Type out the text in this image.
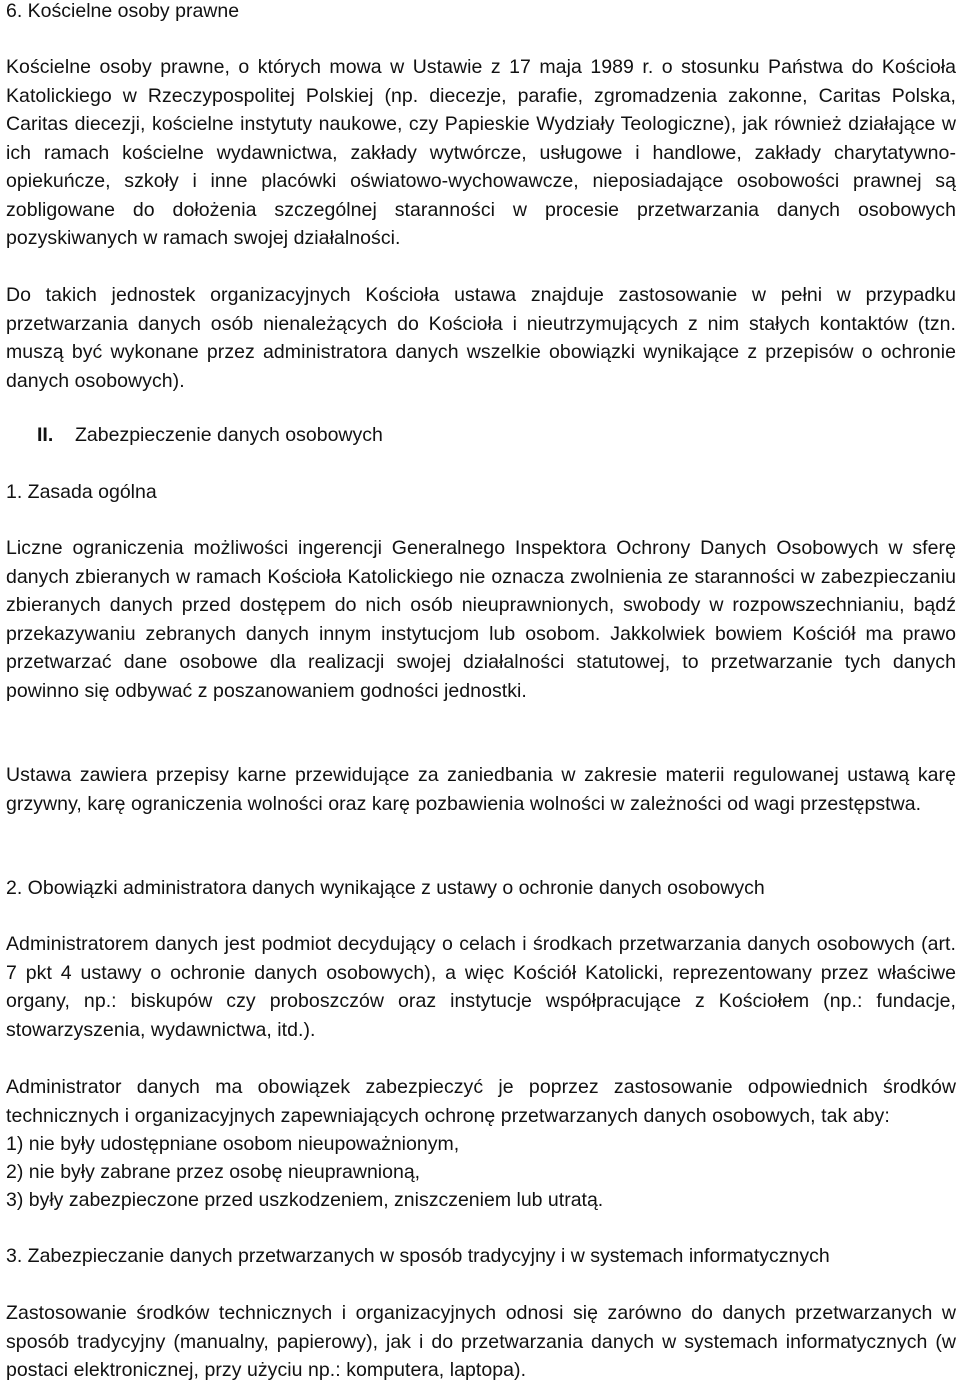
6. Kościelne osoby prawne

Kościelne osoby prawne, o których mowa w Ustawie z 17 maja 1989 r. o stosunku Państwa do Kościoła Katolickiego w Rzeczypospolitej Polskiej (np. diecezje, parafie, zgromadzenia zakonne, Caritas Polska, Caritas diecezji, kościelne instytuty naukowe, czy Papieskie Wydziały Teologiczne), jak również działające w ich ramach kościelne wydawnictwa, zakłady wytwórcze, usługowe i handlowe, zakłady charytatywno-opiekuńcze, szkoły i inne placówki oświatowo-wychowawcze, nieposiadające osobowości prawnej są zobligowane do dołożenia szczególnej staranności w procesie przetwarzania danych osobowych pozyskiwanych w ramach swojej działalności.

Do takich jednostek organizacyjnych Kościoła ustawa znajduje zastosowanie w pełni w przypadku przetwarzania danych osób nienależących do Kościoła i nieutrzymujących z nim stałych kontaktów (tzn. muszą być wykonane przez administratora danych wszelkie obowiązki wynikające z przepisów o ochronie danych osobowych).

II. Zabezpieczenie danych osobowych

1. Zasada ogólna

Liczne ograniczenia możliwości ingerencji Generalnego Inspektora Ochrony Danych Osobowych w sferę danych zbieranych w ramach Kościoła Katolickiego nie oznacza zwolnienia ze staranności w zabezpieczaniu zbieranych danych przed dostępem do nich osób nieuprawnionych, swobody w rozpowszechnianiu, bądź przekazywaniu zebranych danych innym instytucjom lub osobom. Jakkolwiek bowiem Kościół ma prawo przetwarzać dane osobowe dla realizacji swojej działalności statutowej, to przetwarzanie tych danych powinno się odbywać z poszanowaniem godności jednostki.

Ustawa zawiera przepisy karne przewidujące za zaniedbania w zakresie materii regulowanej ustawą karę grzywny, karę ograniczenia wolności oraz karę pozbawienia wolności w zależności od wagi przestępstwa.

2. Obowiązki administratora danych wynikające z ustawy o ochronie danych osobowych

Administratorem danych jest podmiot decydujący o celach i środkach przetwarzania danych osobowych (art. 7 pkt 4 ustawy o ochronie danych osobowych), a więc Kościół Katolicki, reprezentowany przez właściwe organy, np.: biskupów czy proboszczów oraz instytucje współpracujące z Kościołem (np.: fundacje, stowarzyszenia, wydawnictwa, itd.).

Administrator danych ma obowiązek zabezpieczyć je poprzez zastosowanie odpowiednich środków technicznych i organizacyjnych zapewniających ochronę przetwarzanych danych osobowych, tak aby:

1) nie były udostępniane osobom nieupoważnionym,

2) nie były zabrane przez osobę nieuprawnioną,

3) były zabezpieczone przed uszkodzeniem, zniszczeniem lub utratą.

3. Zabezpieczanie danych przetwarzanych w sposób tradycyjny i w systemach informatycznych

Zastosowanie środków technicznych i organizacyjnych odnosi się zarówno do danych przetwarzanych w sposób tradycyjny (manualny, papierowy), jak i do przetwarzania danych w systemach informatycznych (w postaci elektronicznej, przy użyciu np.: komputera, laptopa).
